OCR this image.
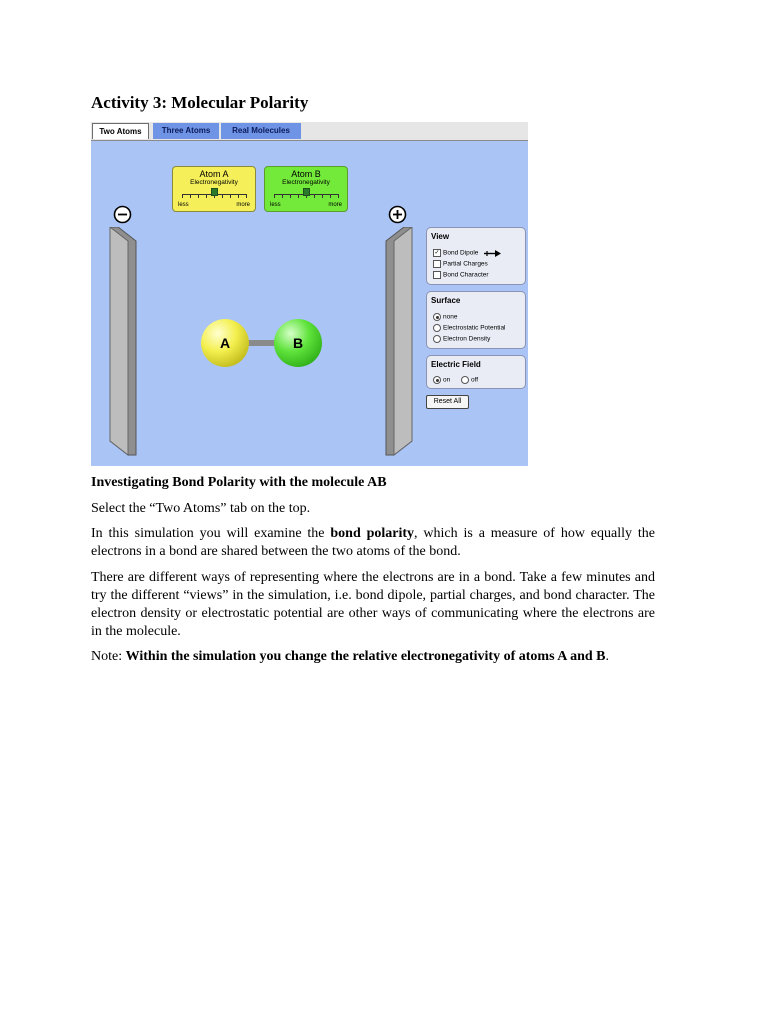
Activity 3: Molecular Polarity
Two Atoms	Three Atoms	Real Molecules
Atom A
Electronegativity
less	more
Atom B
Electronegativity
less	more
A	B
View
✓ Bond Dipole
Partial Charges
Bond Character
Surface
none
Electrostatic Potential
Electron Density
Electric Field
on	off
Reset All
Investigating Bond Polarity with the molecule AB
Select the “Two Atoms” tab on the top.
In this simulation you will examine the bond polarity, which is a measure of how equally the electrons in a bond are shared between the two atoms of the bond.
There are different ways of representing where the electrons are in a bond. Take a few minutes and try the different “views” in the simulation, i.e. bond dipole, partial charges, and bond character. The electron density or electrostatic potential are other ways of communicating where the electrons are in the molecule.
Note: Within the simulation you change the relative electronegativity of atoms A and B.
